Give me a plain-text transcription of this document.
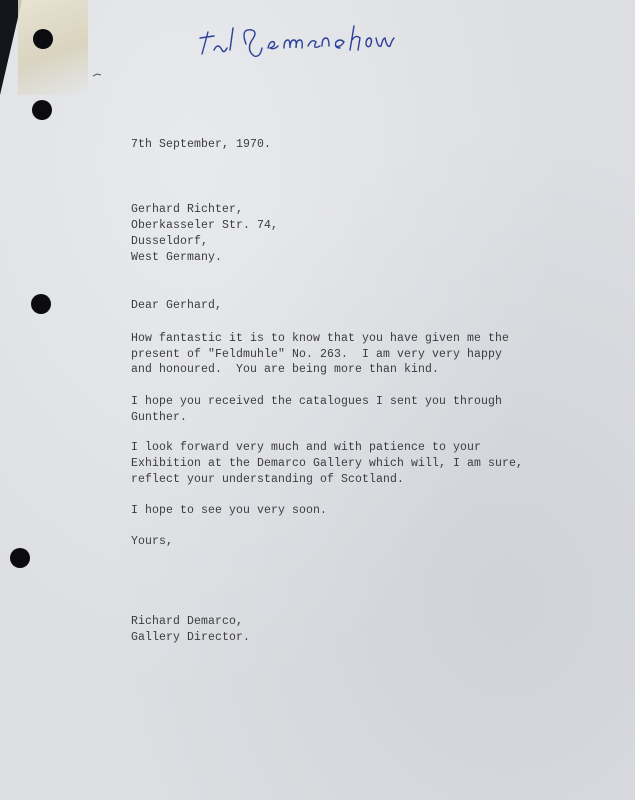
7th September, 1970.
Gerhard Richter,
Oberkasseler Str. 74,
Dusseldorf,
West Germany.
Dear Gerhard,
How fantastic it is to know that you have given me the
present of "Feldmuhle" No. 263.  I am very very happy
and honoured.  You are being more than kind.
I hope you received the catalogues I sent you through
Gunther.
I look forward very much and with patience to your
Exhibition at the Demarco Gallery which will, I am sure,
reflect your understanding of Scotland.
I hope to see you very soon.
Yours,
Richard Demarco,
Gallery Director.
